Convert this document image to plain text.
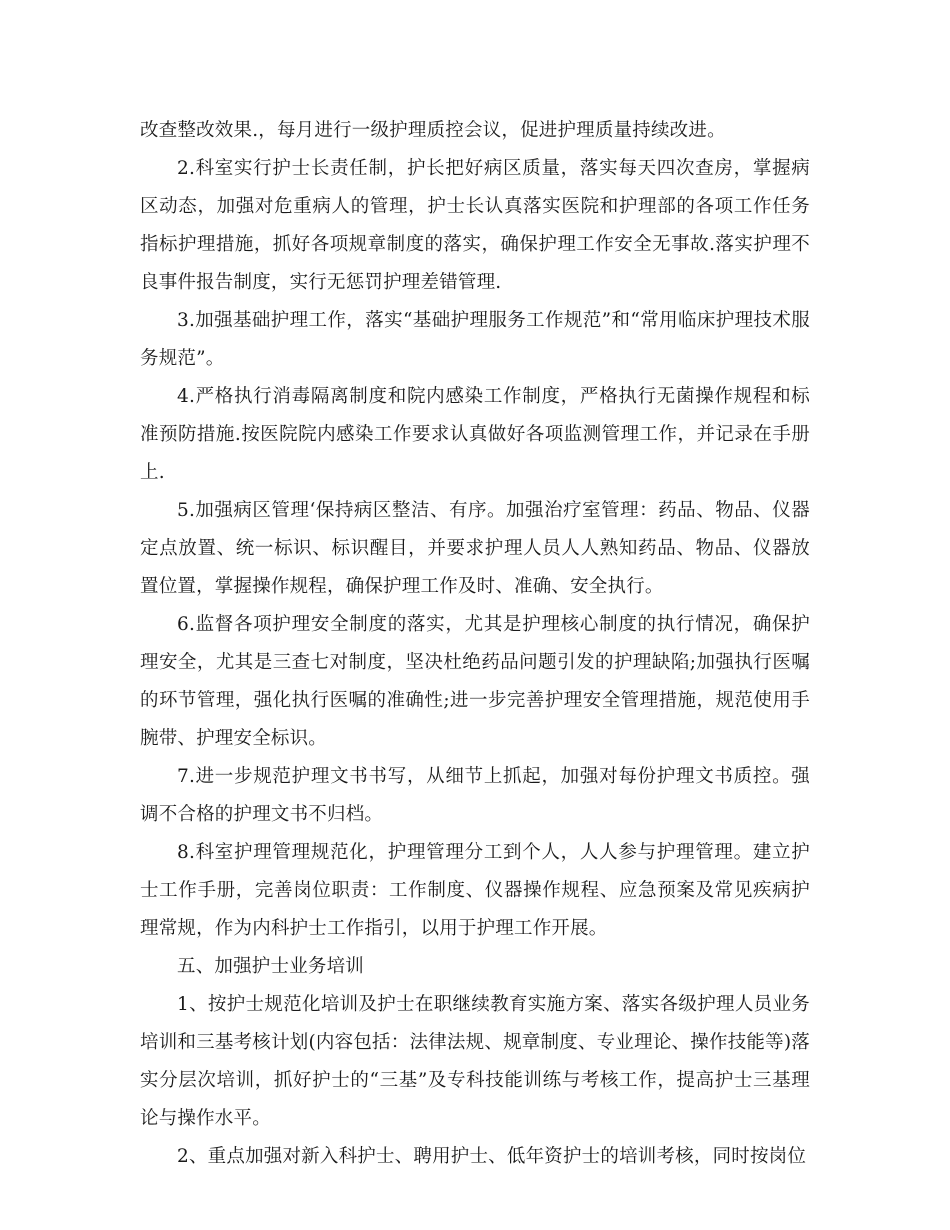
改查整改效果.，每月进行一级护理质控会议，促进护理质量持续改进。

2.科室实行护士长责任制，护长把好病区质量，落实每天四次查房，掌握病区动态，加强对危重病人的管理，护士长认真落实医院和护理部的各项工作任务指标护理措施，抓好各项规章制度的落实，确保护理工作安全无事故.落实护理不良事件报告制度，实行无惩罚护理差错管理.

3.加强基础护理工作，落实“基础护理服务工作规范”和“常用临床护理技术服务规范”。

4.严格执行消毒隔离制度和院内感染工作制度，严格执行无菌操作规程和标准预防措施.按医院院内感染工作要求认真做好各项监测管理工作，并记录在手册上.

5.加强病区管理‘保持病区整洁、有序。加强治疗室管理：药品、物品、仪器定点放置、统一标识、标识醒目，并要求护理人员人人熟知药品、物品、仪器放置位置，掌握操作规程，确保护理工作及时、准确、安全执行。

6.监督各项护理安全制度的落实，尤其是护理核心制度的执行情况，确保护理安全，尤其是三查七对制度，坚决杜绝药品问题引发的护理缺陷;加强执行医嘱的环节管理，强化执行医嘱的准确性;进一步完善护理安全管理措施，规范使用手腕带、护理安全标识。

7.进一步规范护理文书书写，从细节上抓起，加强对每份护理文书质控。强调不合格的护理文书不归档。

8.科室护理管理规范化，护理管理分工到个人，人人参与护理管理。建立护士工作手册，完善岗位职责：工作制度、仪器操作规程、应急预案及常见疾病护理常规，作为内科护士工作指引，以用于护理工作开展。

五、加强护士业务培训

1、按护士规范化培训及护士在职继续教育实施方案、落实各级护理人员业务培训和三基考核计划(内容包括：法律法规、规章制度、专业理论、操作技能等)落实分层次培训，抓好护士的“三基”及专科技能训练与考核工作，提高护士三基理论与操作水平。

2、重点加强对新入科护士、聘用护士、低年资护士的培训考核，同时按岗位
